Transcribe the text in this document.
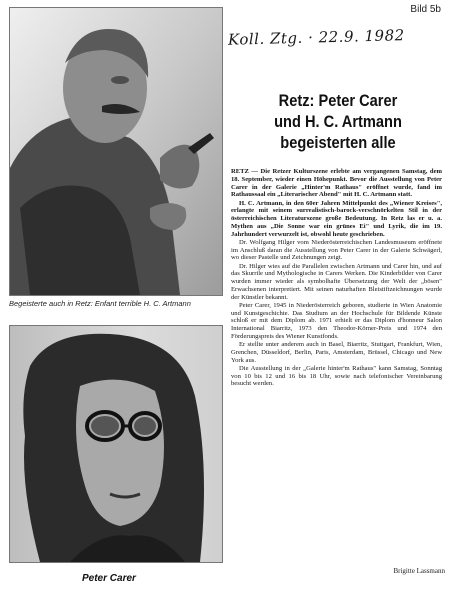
Bild 5b
Koll. Ztg. · 22.9. 1982
Begeisterte auch in Retz: Enfant terrible H. C. Artmann
Peter Carer
Retz: Peter Carer
und H. C. Artmann
begeisterten alle

RETZ — Die Retzer Kulturszene erlebte am vergangenen Samstag, dem 18. September, wieder einen Höhepunkt. Bevor die Ausstellung von Peter Carer in der Galerie „Hinter'm Rathaus" eröffnet wurde, fand im Rathaussaal ein „Literarischer Abend" mit H. C. Artmann statt.

H. C. Artmann, in den 60er Jahren Mittelpunkt des „Wiener Kreises", erlangte mit seinem surrealistisch-barock-verschnörkelten Stil in der österreichischen Literaturszene große Bedeutung. In Retz las er u. a. Mythen aus „Die Sonne war ein grünes Ei" und Lyrik, die im 19. Jahrhundert verwurzelt ist, obwohl heute geschrieben.

Dr. Wolfgang Hilger vom Niederösterreichischen Landesmuseum eröffnete im Anschluß daran die Ausstellung von Peter Carer in der Galerie Schwägerl, wo dieser Pastelle und Zeichnungen zeigt.

Dr. Hilger wies auf die Parallelen zwischen Artmann und Carer hin, und auf das Skurrile und Mythologische in Carers Werken. Die Kinderbilder von Carer wurden immer wieder als symbolhafte Übersetzung der Welt der „bösen" Erwachsenen interpretiert. Mit seinen naturhaften Bleistiftzeichnungen wurde der Künstler bekannt.

Peter Carer, 1945 in Niederösterreich geboren, studierte in Wien Anatomie und Kunstgeschichte. Das Studium an der Hochschule für Bildende Künste schloß er mit dem Diplom ab. 1971 erhielt er das Diplom d'honneur Salon International Biarritz, 1973 den Theodor-Körner-Preis und 1974 den Förderungspreis des Wiener Kunstfonds.

Er stellte unter anderem auch in Basel, Biarritz, Stuttgart, Frankfurt, Wien, Grenchen, Düsseldorf, Berlin, Paris, Amsterdam, Brüssel, Chicago und New York aus.

Die Ausstellung in der „Galerie hinter'm Rathaus" kann Samstag, Sonntag von 10 bis 12 und 16 bis 18 Uhr, sowie nach telefonischer Vereinbarung besucht werden.

Brigitte Lassmann
